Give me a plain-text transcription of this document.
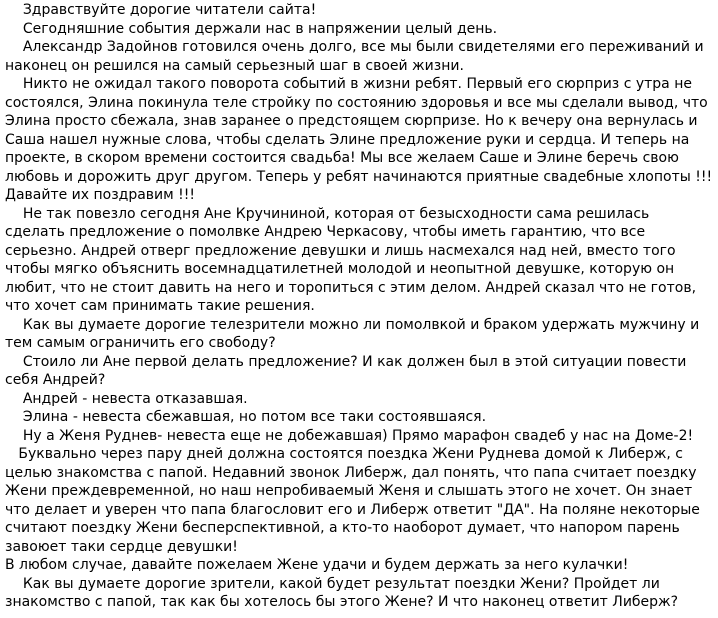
Здравствуйте дорогие читатели сайта!

Сегодняшние события держали нас в напряжении целый день.

Александр Задойнов готовился очень долго, все мы были свидетелями его переживаний и наконец он решился на самый серьезный шаг в своей жизни.

Никто не ожидал такого поворота событий в жизни ребят. Первый его сюрприз с утра не состоялся, Элина покинула теле стройку по состоянию здоровья и все мы сделали вывод, что Элина просто сбежала, знав заранее о предстоящем сюрпризе. Но к вечеру она вернулась и Саша нашел нужные слова, чтобы сделать Элине предложение руки и сердца. И теперь на проекте, в скором времени состоится свадьба! Мы все желаем Саше и Элине беречь свою любовь и дорожить друг другом. Теперь у ребят начинаются приятные свадебные хлопоты !!! Давайте их поздравим !!!

Не так повезло сегодня Ане Кручининой, которая от безысходности сама решилась сделать предложение о помолвке Андрею Черкасову, чтобы иметь гарантию, что все серьезно. Андрей отверг предложение девушки и лишь насмехался над ней, вместо того чтобы мягко объяснить восемнадцатилетней молодой и неопытной девушке, которую он любит, что не стоит давить на него и торопиться с этим делом. Андрей сказал что не готов, что хочет сам принимать такие решения.

Как вы думаете дорогие телезрители можно ли помолвкой и браком удержать мужчину и тем самым ограничить его свободу?

Стоило ли Ане первой делать предложение? И как должен был в этой ситуации повести себя Андрей?

Андрей - невеста отказавшая.

Элина - невеста сбежавшая, но потом все таки состоявшаяся.

Ну а Женя Руднев- невеста еще не добежавшая) Прямо марафон свадеб у нас на Доме-2!

Буквально через пару дней должна состоятся поездка Жени Руднева домой к Либерж, с целью знакомства с папой. Недавний звонок Либерж, дал понять, что папа считает поездку Жени преждевременной, но наш непробиваемый Женя и слышать этого не хочет. Он знает что делает и уверен что папа благословит его и Либерж ответит "ДА". На поляне некоторые считают поездку Жени бесперспективной, а кто-то наоборот думает, что напором парень завоюет таки сердце девушки!

В любом случае, давайте пожелаем Жене удачи и будем держать за него кулачки!

Как вы думаете дорогие зрители, какой будет результат поездки Жени? Пройдет ли знакомство с папой, так как бы хотелось бы этого Жене? И что наконец ответит Либерж?
